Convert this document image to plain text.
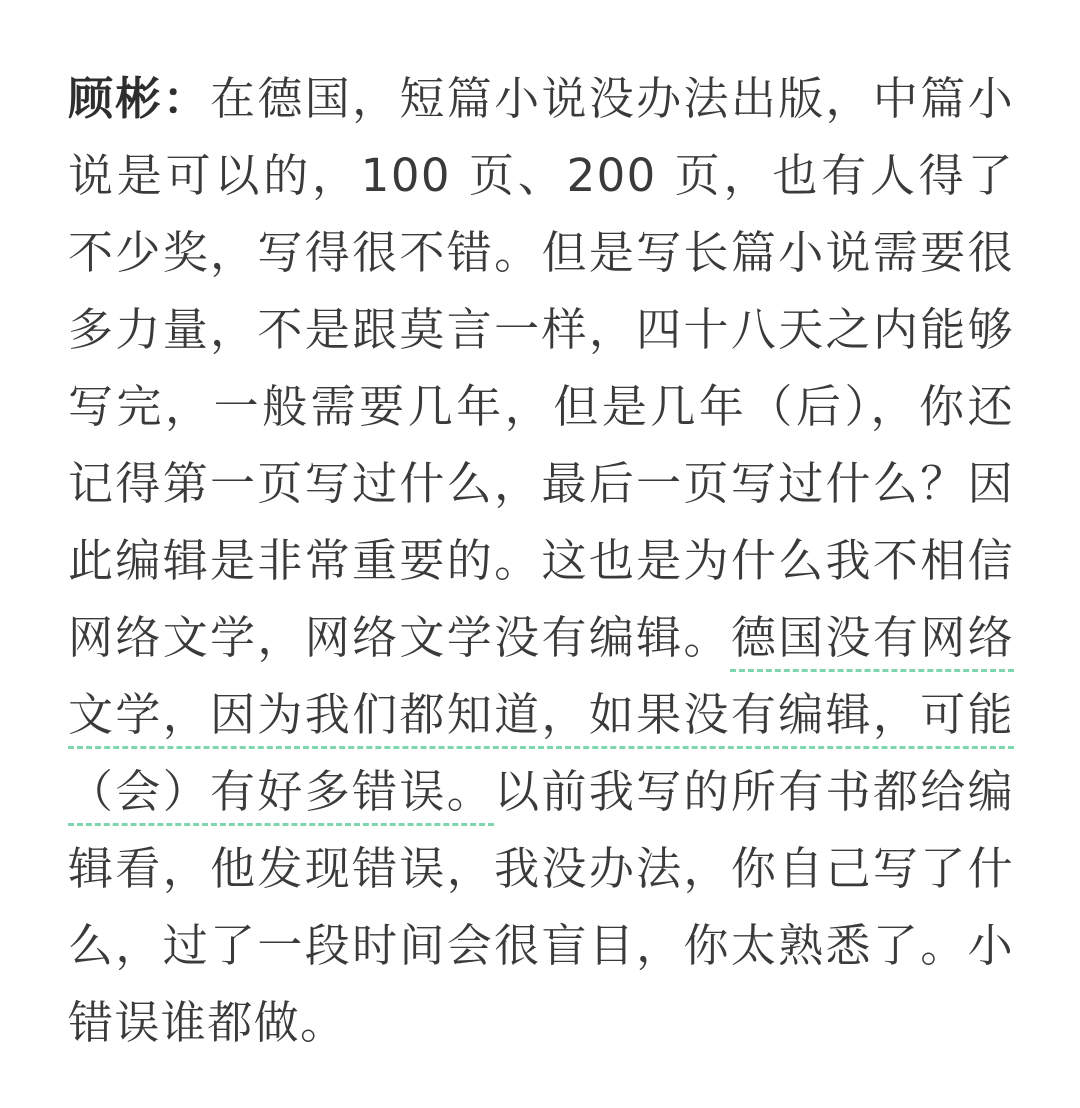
顾彬：在德国，短篇小说没办法出版，中篇小说是可以的，100 页、200 页，也有人得了不少奖，写得很不错。但是写长篇小说需要很多力量，不是跟莫言一样，四十八天之内能够写完，一般需要几年，但是几年（后），你还记得第一页写过什么，最后一页写过什么？因此编辑是非常重要的。这也是为什么我不相信网络文学，网络文学没有编辑。德国没有网络文学，因为我们都知道，如果没有编辑，可能（会）有好多错误。以前我写的所有书都给编辑看，他发现错误，我没办法，你自己写了什么，过了一段时间会很盲目，你太熟悉了。小错误谁都做。
